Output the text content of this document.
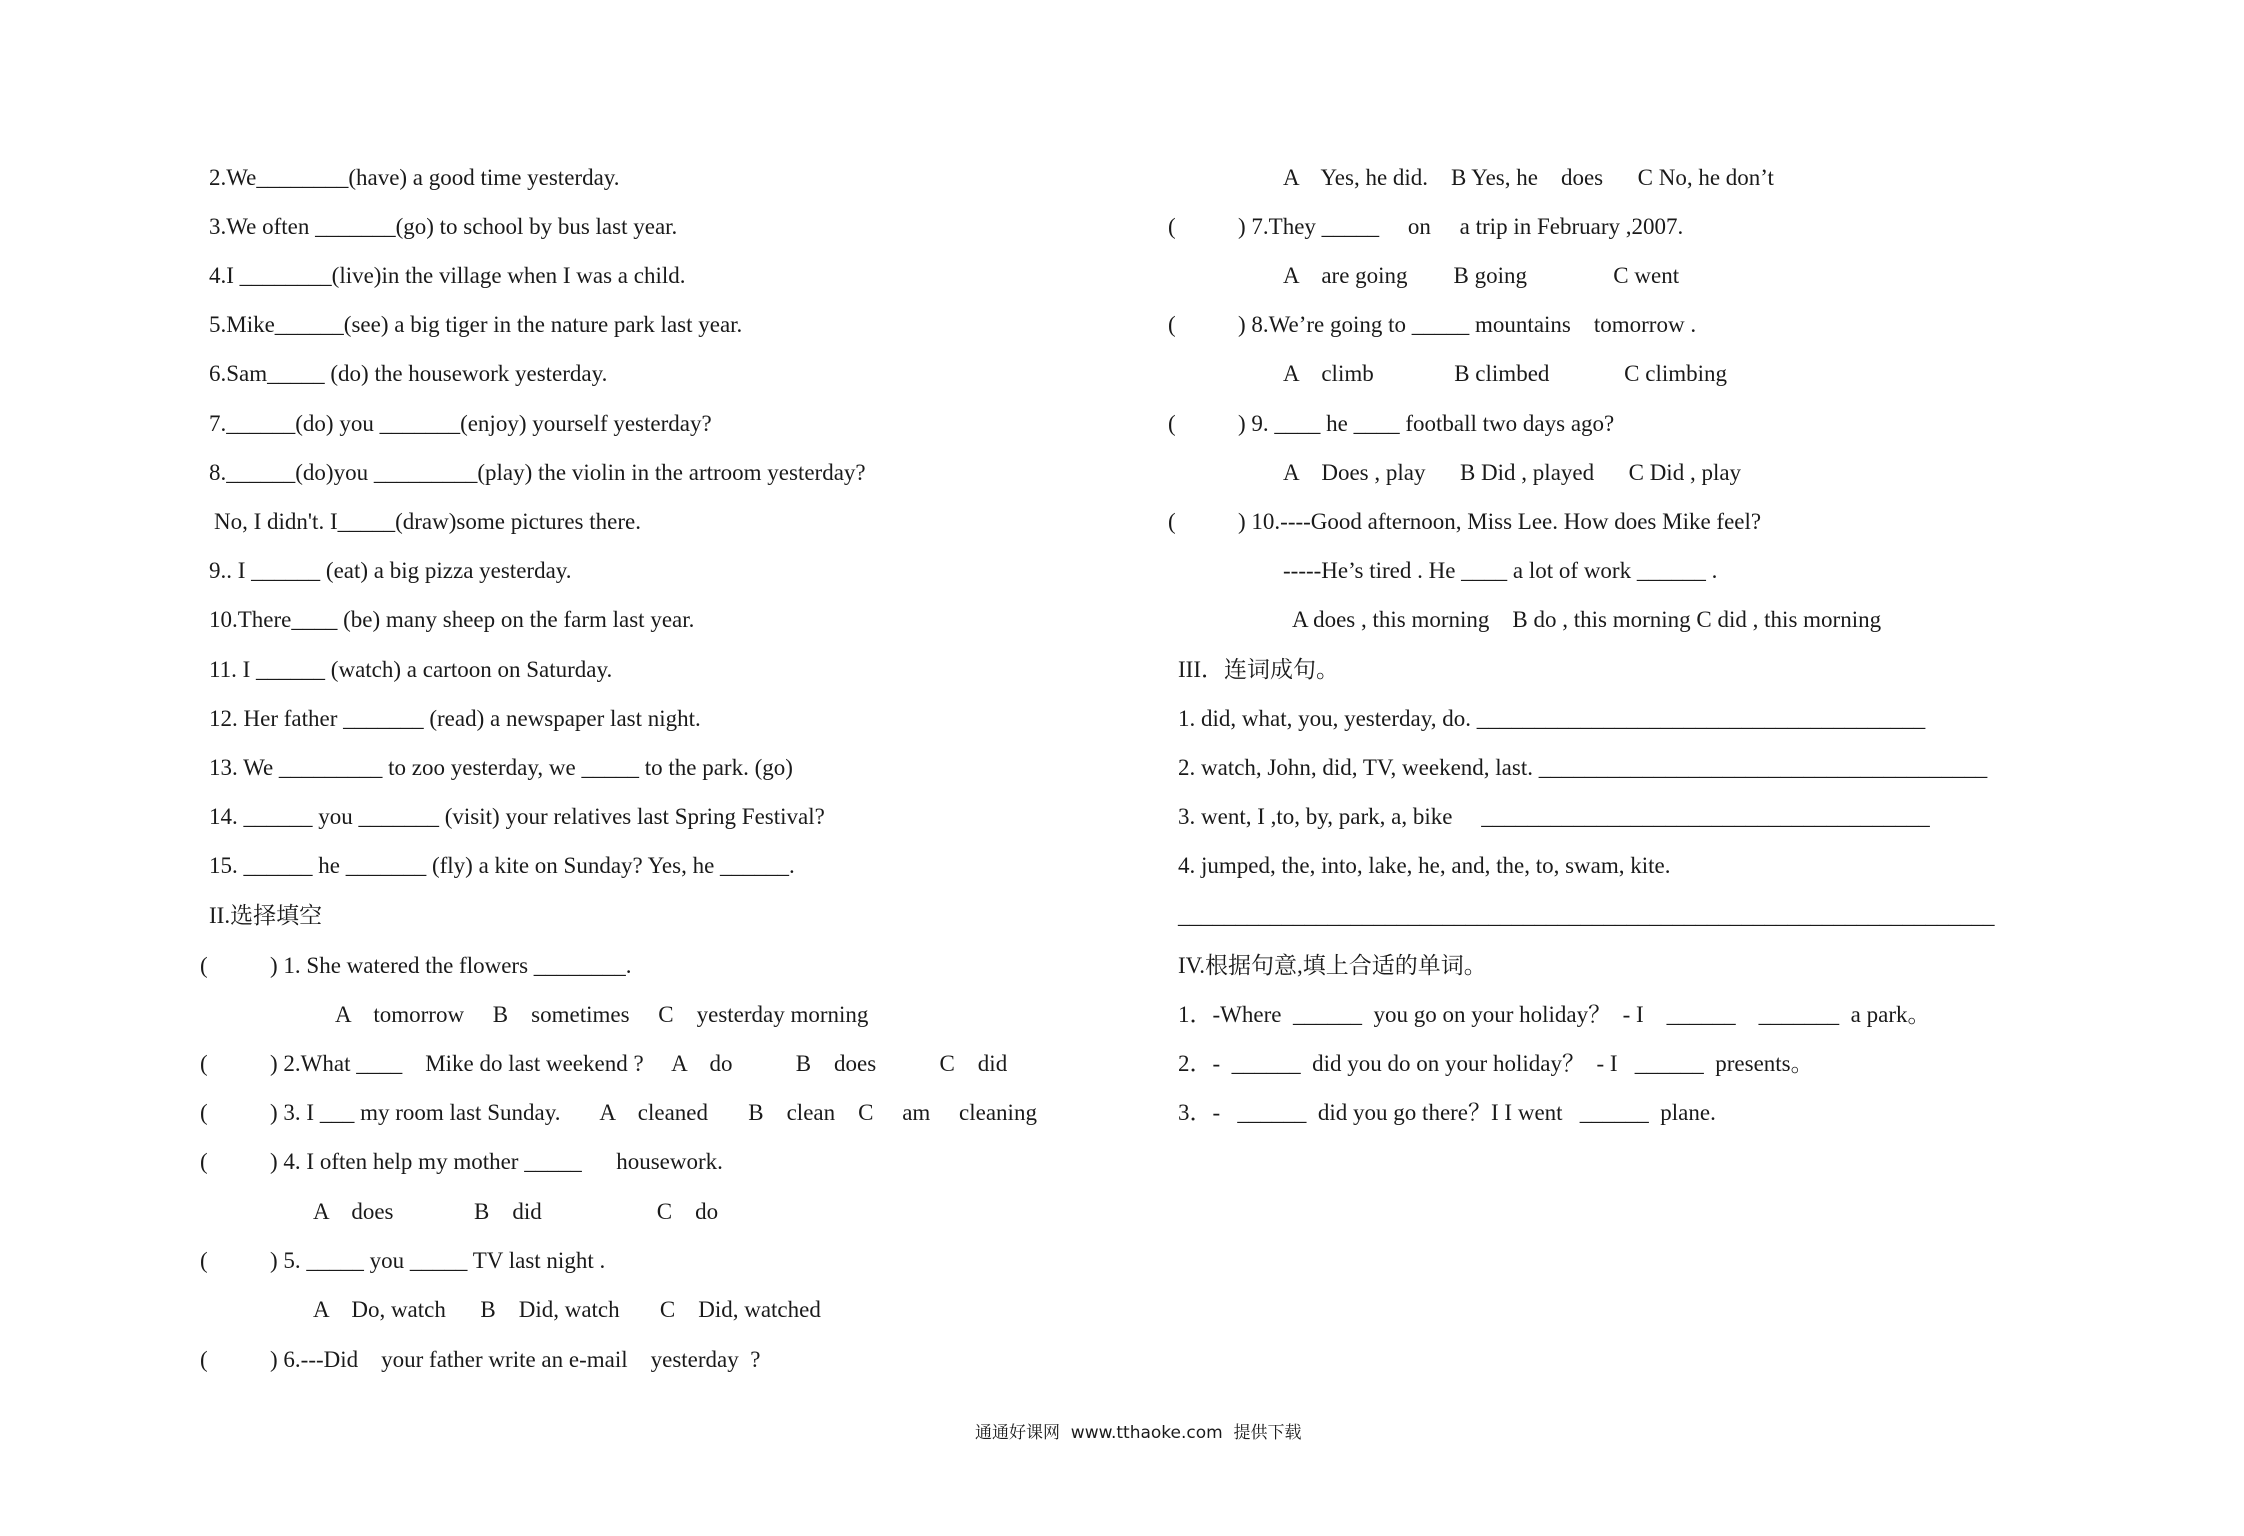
2.We________(have) a good time yesterday.
3.We often _______(go) to school by bus last year.
4.I ________(live)in the village when I was a child.
5.Mike______(see) a big tiger in the nature park last year.
6.Sam_____ (do) the housework yesterday.
7.______(do) you _______(enjoy) yourself yesterday?
8.______(do)you _________(play) the violin in the artroom yesterday?
No, I didn't. I_____(draw)some pictures there.
9.. I ______ (eat) a big pizza yesterday.
10.There____ (be) many sheep on the farm last year.
11. I ______ (watch) a cartoon on Saturday.
12. Her father _______ (read) a newspaper last night.
13. We _________ to zoo yesterday, we _____ to the park. (go)
14. ______ you _______ (visit) your relatives last Spring Festival?
15. ______ he _______ (fly) a kite on Sunday? Yes, he ______.
II.选择填空
(	) 1. She watered the flowers ________.
A    tomorrow     B    sometimes     C    yesterday morning
(	) 2.What ____    Mike do last weekend ?     A    do           B    does           C    did
(	) 3. I ___ my room last Sunday.       A    cleaned       B    clean    C     am     cleaning
(	) 4. I often help my mother _____      housework.
A    does              B    did                    C    do
(	) 5. _____ you _____ TV last night .
A    Do, watch      B    Did, watch       C    Did, watched
(	) 6.---Did    your father write an e-mail    yesterday  ?
A    Yes, he did.    B Yes, he    does      C No, he don’t
(	) 7.They _____     on     a trip in February ,2007.
A    are going        B going               C went
(	) 8.We’re going to _____ mountains    tomorrow .
A    climb              B climbed             C climbing
(	) 9. ____ he ____ football two days ago?
A    Does , play      B Did , played      C Did , play
(	) 10.----Good afternoon, Miss Lee. How does Mike feel?
-----He’s tired . He ____ a lot of work ______ .
A does , this morning    B do , this morning C did , this morning
III．连词成句。
1. did, what, you, yesterday, do. _______________________________________
2. watch, John, did, TV, weekend, last. _______________________________________
3. went, I ,to, by, park, a, bike     _______________________________________
4. jumped, the, into, lake, he, and, the, to, swam, kite.
_______________________________________________________________________
IV.根据句意,填上合适的单词。
1．-Where  ______  you go on your holiday？  - I    ______    _______  a park。
2．-  ______  did you do on your holiday？  - I   ______  presents。
3．-   ______  did you go there？I I went   ______  plane.
通通好课网  www.tthaoke.com  提供下载
